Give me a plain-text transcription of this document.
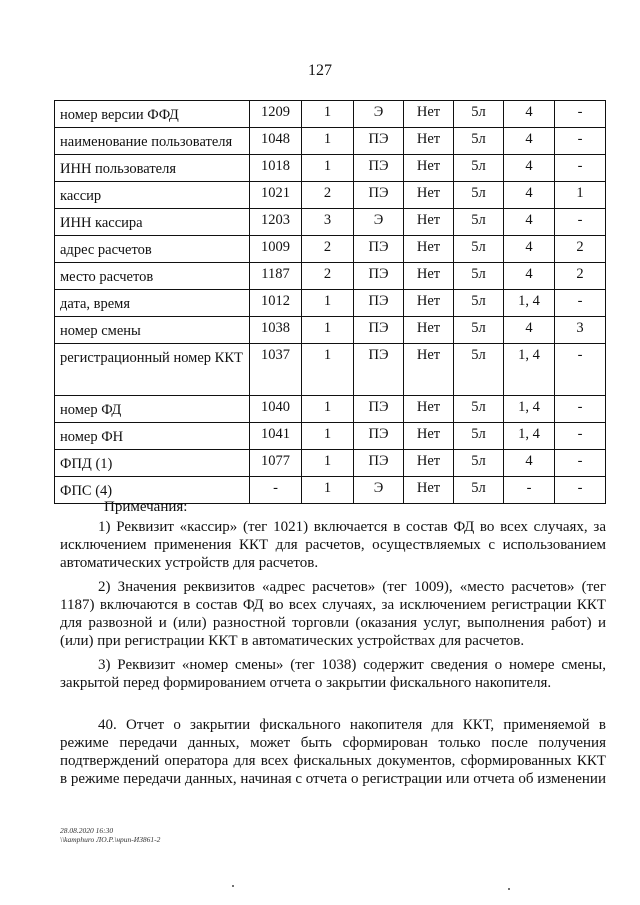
127
номер версии ФФД	1209	1	Э	Нет	5л	4	-
наименование пользователя	1048	1	ПЭ	Нет	5л	4	-
ИНН пользователя	1018	1	ПЭ	Нет	5л	4	-
кассир	1021	2	ПЭ	Нет	5л	4	1
ИНН кассира	1203	3	Э	Нет	5л	4	-
адрес расчетов	1009	2	ПЭ	Нет	5л	4	2
место расчетов	1187	2	ПЭ	Нет	5л	4	2
дата, время	1012	1	ПЭ	Нет	5л	1, 4	-
номер смены	1038	1	ПЭ	Нет	5л	4	3
регистрационный номер ККТ	1037	1	ПЭ	Нет	5л	1, 4	-
номер ФД	1040	1	ПЭ	Нет	5л	1, 4	-
номер ФН	1041	1	ПЭ	Нет	5л	1, 4	-
ФПД (1)	1077	1	ПЭ	Нет	5л	4	-
ФПС (4)	-	1	Э	Нет	5л	-	-
Примечания:
1) Реквизит «кассир» (тег 1021) включается в состав ФД во всех случаях, за исключением применения ККТ для расчетов, осуществляемых с использованием автоматических устройств для расчетов.
2) Значения реквизитов «адрес расчетов» (тег 1009), «место расчетов» (тег 1187) включаются в состав ФД во всех случаях, за исключением регистрации ККТ для развозной и (или) разностной торговли (оказания услуг, выполнения работ) и (или) при регистрации ККТ в автоматических устройствах для расчетов.
3) Реквизит «номер смены» (тег 1038) содержит сведения о номере смены, закрытой перед формированием отчета о закрытии фискального накопителя.
40. Отчет о закрытии фискального накопителя для ККТ, применяемой в режиме передачи данных, может быть сформирован только после получения подтверждений оператора для всех фискальных документов, сформированных ККТ в режиме передачи данных, начиная с отчета о регистрации или отчета об изменении
28.08.2020 16:30
\\kamphuro ЛО.Р.\нрип-ИЗ861-2
